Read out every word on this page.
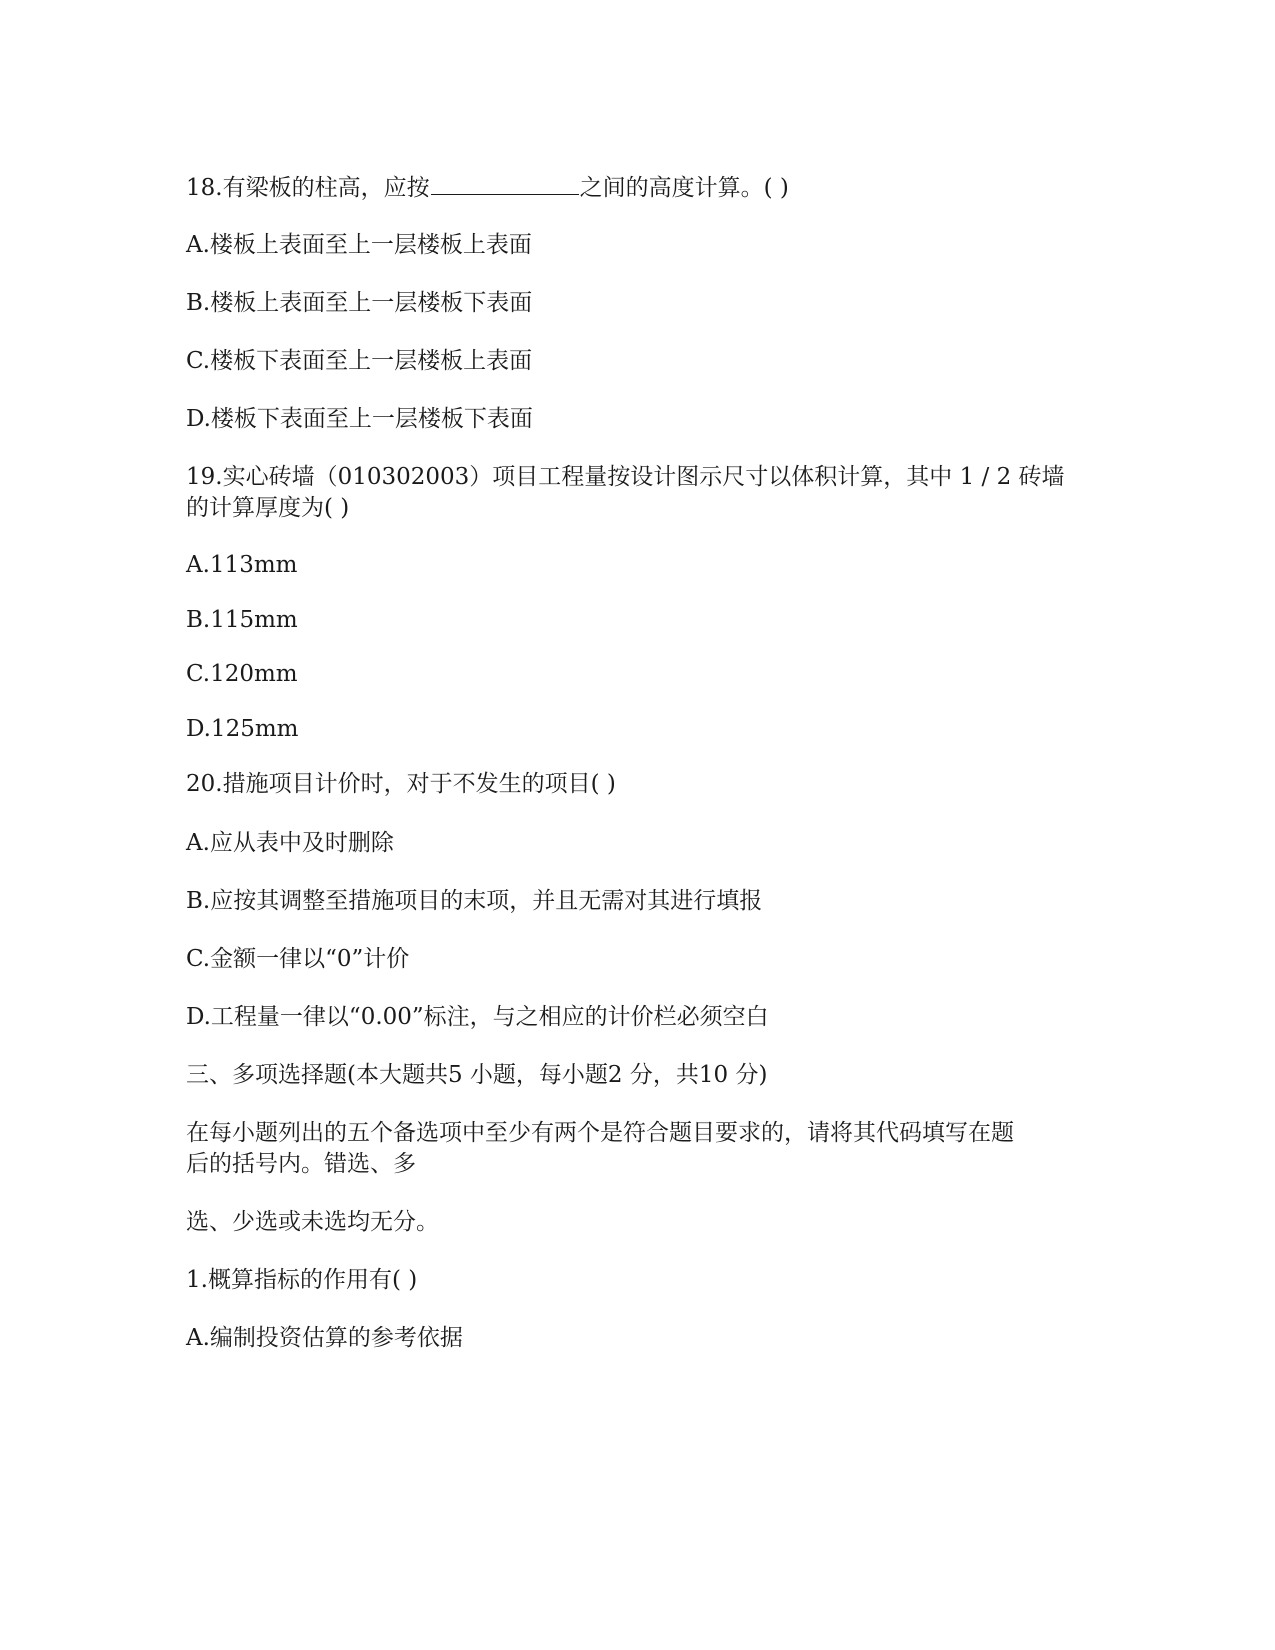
18.有梁板的柱高，应按	之间的高度计算。( )
A.楼板上表面至上一层楼板上表面
B.楼板上表面至上一层楼板下表面
C.楼板下表面至上一层楼板上表面
D.楼板下表面至上一层楼板下表面
19.实心砖墙（010302003）项目工程量按设计图示尺寸以体积计算，其中 1 / 2 砖墙
的计算厚度为( )
A.113mm
B.115mm
C.120mm
D.125mm
20.措施项目计价时，对于不发生的项目( )
A.应从表中及时删除
B.应按其调整至措施项目的末项，并且无需对其进行填报
C.金额一律以“0”计价
D.工程量一律以“0.00”标注，与之相应的计价栏必须空白
三、多项选择题(本大题共5 小题，每小题2 分，共10 分)
在每小题列出的五个备选项中至少有两个是符合题目要求的，请将其代码填写在题
后的括号内。错选、多
选、少选或未选均无分。
1.概算指标的作用有( )
A.编制投资估算的参考依据
